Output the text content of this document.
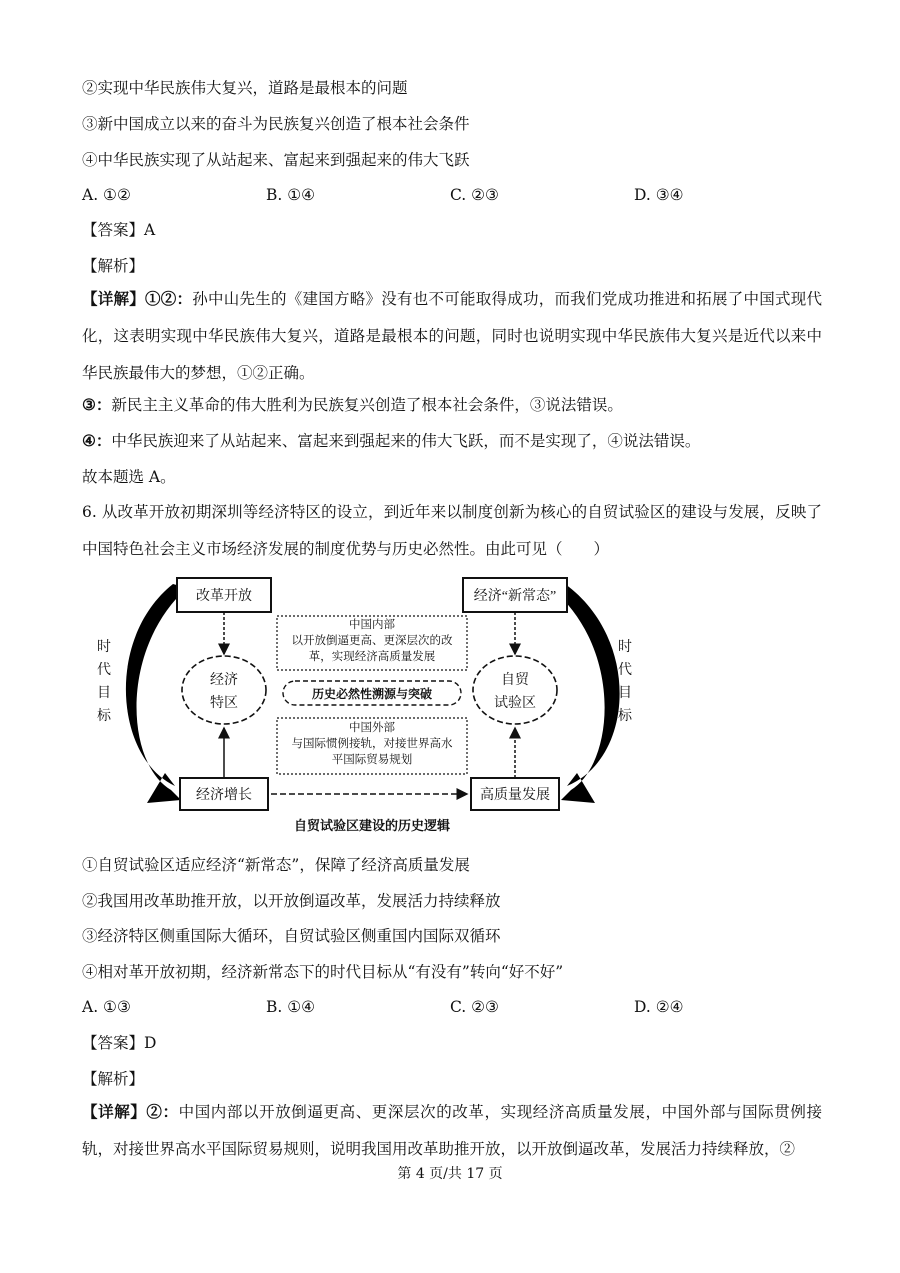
②实现中华民族伟大复兴，道路是最根本的问题
③新中国成立以来的奋斗为民族复兴创造了根本社会条件
④中华民族实现了从站起来、富起来到强起来的伟大飞跃
A. ①②	B. ①④	C. ②③	D. ③④
【答案】A
【解析】
【详解】①②：孙中山先生的《建国方略》没有也不可能取得成功，而我们党成功推进和拓展了中国式现代化，这表明实现中华民族伟大复兴，道路是最根本的问题，同时也说明实现中华民族伟大复兴是近代以来中华民族最伟大的梦想，①②正确。
③：新民主主义革命的伟大胜利为民族复兴创造了根本社会条件，③说法错误。
④：中华民族迎来了从站起来、富起来到强起来的伟大飞跃，而不是实现了，④说法错误。
故本题选 A。
6. 从改革开放初期深圳等经济特区的设立，到近年来以制度创新为核心的自贸试验区的建设与发展，反映了中国特色社会主义市场经济发展的制度优势与历史必然性。由此可见（　　）
时
代
目
标
时
代
目
标
改革开放	经济“新常态”
经济
特区
自贸
试验区
中国内部
以开放倒逼更高、更深层次的改
革，实现经济高质量发展
历史必然性溯源与突破
中国外部
与国际惯例接轨，对接世界高水
平国际贸易规划
经济增长	高质量发展
自贸试验区建设的历史逻辑
①自贸试验区适应经济“新常态”，保障了经济高质量发展
②我国用改革助推开放，以开放倒逼改革，发展活力持续释放
③经济特区侧重国际大循环，自贸试验区侧重国内国际双循环
④相对革开放初期，经济新常态下的时代目标从“有没有”转向“好不好”
A. ①③	B. ①④	C. ②③	D. ②④
【答案】D
【解析】
【详解】②：中国内部以开放倒逼更高、更深层次的改革，实现经济高质量发展，中国外部与国际贯例接轨，对接世界高水平国际贸易规则，说明我国用改革助推开放，以开放倒逼改革，发展活力持续释放，②
第 4 页/共 17 页
